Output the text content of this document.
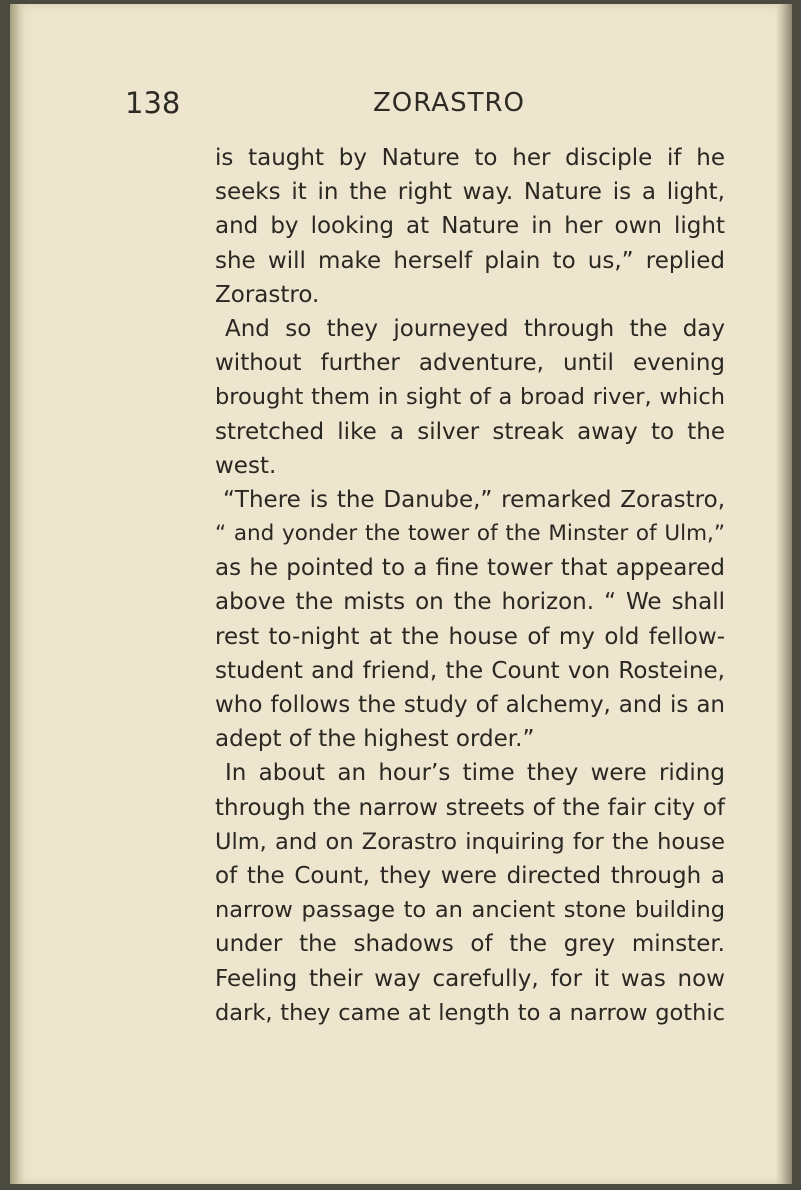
138	ZORASTRO
is taught by Nature to her disciple if he
seeks it in the right way. Nature is a light,
and by looking at Nature in her own light
she will make herself plain to us,” replied
Zorastro.
And so they journeyed through the day
without further adventure, until evening
brought them in sight of a broad river, which
stretched like a silver streak away to the
west.
“There is the Danube,” remarked Zorastro,
“ and yonder the tower of the Minster of Ulm,”
as he pointed to a fine tower that appeared
above the mists on the horizon. “ We shall
rest to-night at the house of my old fellow-
student and friend, the Count von Rosteine,
who follows the study of alchemy, and is an
adept of the highest order.”
In about an hour’s time they were riding
through the narrow streets of the fair city of
Ulm, and on Zorastro inquiring for the house
of the Count, they were directed through a
narrow passage to an ancient stone building
under the shadows of the grey minster.
Feeling their way carefully, for it was now
dark, they came at length to a narrow gothic
